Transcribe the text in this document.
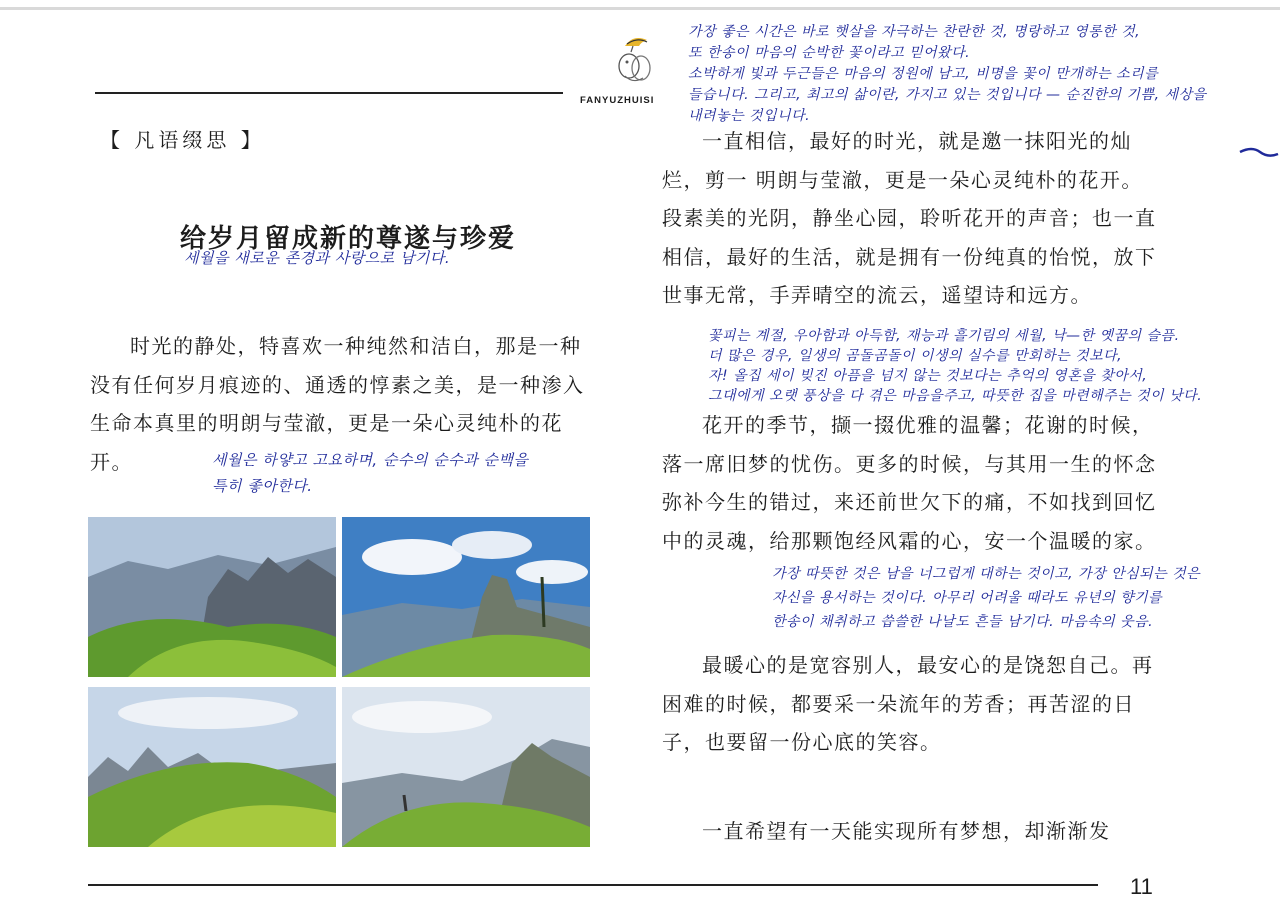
FANYUZHUISI
가장 좋은 시간은 바로 햇살을 자극하는 찬란한 것, 명랑하고 영롱한 것,
또 한송이 마음의 순박한 꽃이라고 믿어왔다.
소박하게 빛과 두근들은 마음의 정원에 남고, 비명을 꽃이 만개하는 소리를
들습니다. 그리고, 최고의 삶이란, 가지고 있는 것입니다 — 순진한의 기쁨, 세상을
내려놓는 것입니다.
【 凡语缀思 】
给岁月留成新的尊遂与珍爱
세월을 새로운 존경과 사랑으로 남기다.

时光的静处，特喜欢一种纯然和洁白，那是一种没有任何岁月痕迹的、通透的惇素之美，是一种渗入生命本真里的明朗与莹澈，更是一朵心灵纯朴的花开。	세월은 하얗고 고요하며, 순수의 순수과 순백을
특히 좋아한다.

一直相信，最好的时光，就是邀一抹阳光的灿烂，剪一 明朗与莹澈，更是一朵心灵纯朴的花开。段素美的光阴，静坐心园，聆听花开的声音；也一直相信，最好的生活，就是拥有一份纯真的怡悦，放下世事无常，手弄晴空的流云，遥望诗和远方。

꽃피는 계절, 우아함과 아득함, 재능과 흘기림의 세월, 낙—한 옛꿈의 슬픔.
더 많은 경우, 일생의 곰돌곰돌이 이생의 실수를 만회하는 것보다,
자! 올집 세이 빚진 아픔을 넘지 않는 것보다는 추억의 영혼을 찾아서,
그대에게 오랫 풍상을 다 겪은 마음을주고, 따뜻한 집을 마련해주는 것이 낫다.

花开的季节，撷一掇优雅的温馨；花谢的时候，落一席旧梦的忧伤。更多的时候，与其用一生的怀念弥补今生的错过，来还前世欠下的痛，不如找到回忆中的灵魂，给那颗饱经风霜的心，安一个温暖的家。

가장 따뜻한 것은 남을 너그럽게 대하는 것이고, 가장 안심되는 것은
자신을 용서하는 것이다. 아무리 어려울 때라도 유년의 향기를
한송이 채취하고 씁쓸한 나날도 흔들 남기다. 마음속의 웃음.

最暖心的是宽容别人，最安心的是饶恕自己。再困难的时候，都要采一朵流年的芳香；再苦涩的日子，也要留一份心底的笑容。

一直希望有一天能实现所有梦想，却渐渐发

11
